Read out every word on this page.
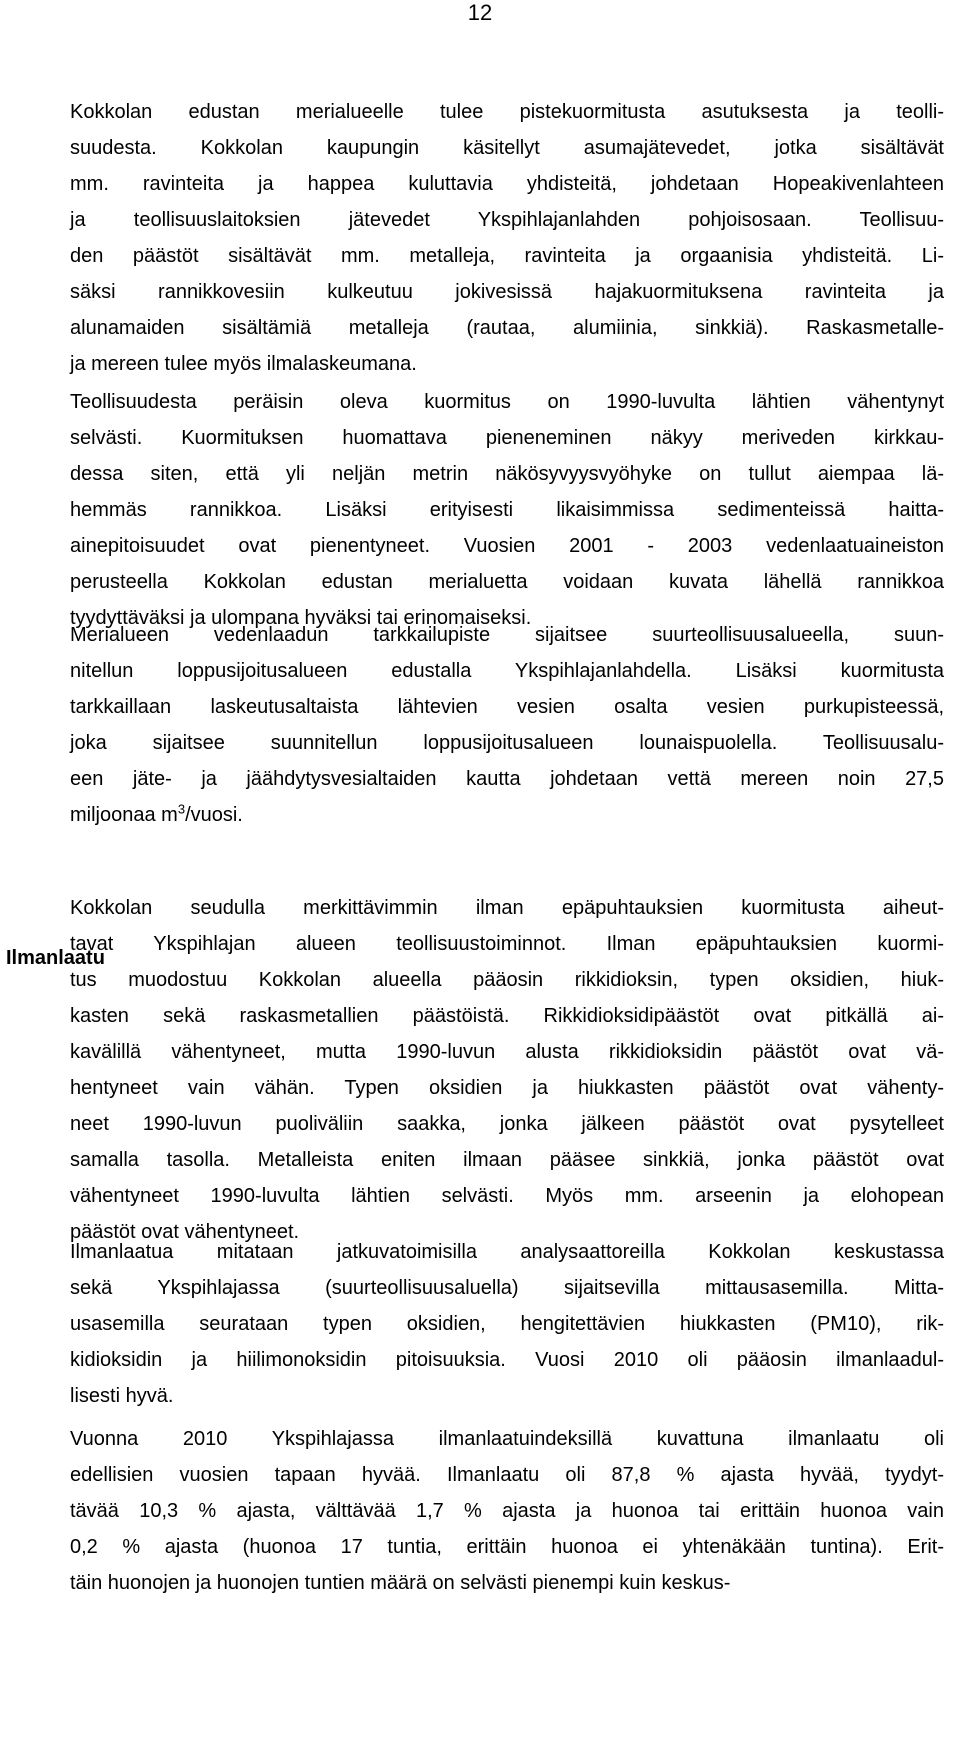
12
Kokkolan edustan merialueelle tulee pistekuormitusta asutuksesta ja teolli-
suudesta. Kokkolan kaupungin käsitellyt asumajätevedet, jotka sisältävät
mm. ravinteita ja happea kuluttavia yhdisteitä, johdetaan Hopeakivenlahteen
ja teollisuuslaitoksien jätevedet Ykspihlajanlahden pohjoisosaan. Teollisuu-
den päästöt sisältävät mm. metalleja, ravinteita ja orgaanisia yhdisteitä. Li-
säksi rannikkovesiin kulkeutuu jokivesissä hajakuormituksena ravinteita ja
alunamaiden sisältämiä metalleja (rautaa, alumiinia, sinkkiä). Raskasmetalle-
ja mereen tulee myös ilmalaskeumana.
Teollisuudesta peräisin oleva kuormitus on 1990-luvulta lähtien vähentynyt
selvästi. Kuormituksen huomattava pieneneminen näkyy meriveden kirkkau-
dessa siten, että yli neljän metrin näkösyvyysvyöhyke on tullut aiempaa lä-
hemmäs rannikkoa. Lisäksi erityisesti likaisimmissa sedimenteissä haitta-
ainepitoisuudet ovat pienentyneet. Vuosien 2001 - 2003 vedenlaatuaineiston
perusteella Kokkolan edustan merialuetta voidaan kuvata lähellä rannikkoa
tyydyttäväksi ja ulompana hyväksi tai erinomaiseksi.
Merialueen vedenlaadun tarkkailupiste sijaitsee suurteollisuusalueella, suun-
nitellun loppusijoitusalueen edustalla Ykspihlajanlahdella. Lisäksi kuormitusta
tarkkaillaan laskeutusaltaista lähtevien vesien osalta vesien purkupisteessä,
joka sijaitsee suunnitellun loppusijoitusalueen lounaispuolella. Teollisuusalu-
een jäte- ja jäähdytysvesialtaiden kautta johdetaan vettä mereen noin 27,5
miljoonaa $m^3$/vuosi.
Ilmanlaatu
Kokkolan seudulla merkittävimmin ilman epäpuhtauksien kuormitusta aiheut-
tavat Ykspihlajan alueen teollisuustoiminnot. Ilman epäpuhtauksien kuormi-
tus muodostuu Kokkolan alueella pääosin rikkidioksin, typen oksidien, hiuk-
kasten sekä raskasmetallien päästöistä. Rikkidioksidipäästöt ovat pitkällä ai-
kavälillä vähentyneet, mutta 1990-luvun alusta rikkidioksidin päästöt ovat vä-
hentyneet vain vähän. Typen oksidien ja hiukkasten päästöt ovat vähenty-
neet 1990-luvun puoliväliin saakka, jonka jälkeen päästöt ovat pysytelleet
samalla tasolla. Metalleista eniten ilmaan pääsee sinkkiä, jonka päästöt ovat
vähentyneet 1990-luvulta lähtien selvästi. Myös mm. arseenin ja elohopean
päästöt ovat vähentyneet.
Ilmanlaatua mitataan jatkuvatoimisilla analysaattoreilla Kokkolan keskustassa
sekä Ykspihlajassa (suurteollisuusaluella) sijaitsevilla mittausasemilla. Mitta-
usasemilla seurataan typen oksidien, hengitettävien hiukkasten (PM10), rik-
kidioksidin ja hiilimonoksidin pitoisuuksia. Vuosi 2010 oli pääosin ilmanlaadul-
lisesti hyvä.
Vuonna 2010 Ykspihlajassa ilmanlaatuindeksillä kuvattuna ilmanlaatu oli
edellisien vuosien tapaan hyvää. Ilmanlaatu oli 87,8 % ajasta hyvää, tyydyt-
tävää 10,3 % ajasta, välttävää 1,7 % ajasta ja huonoa tai erittäin huonoa vain
0,2 % ajasta (huonoa 17 tuntia, erittäin huonoa ei yhtenäkään tuntina). Erit-
täin huonojen ja huonojen tuntien määrä on selvästi pienempi kuin keskus-
